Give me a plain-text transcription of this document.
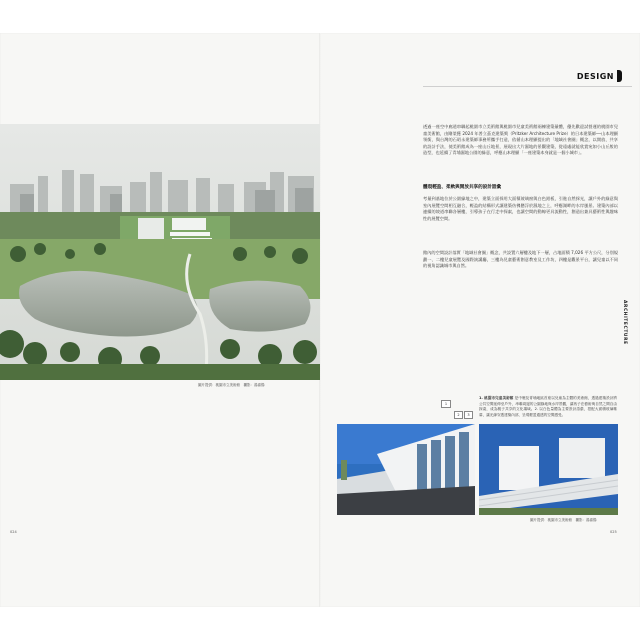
DESIGN
圖片提供：桃園市立美術館　攝影：湯嘉揚
透過一座空中廊道串聯起桃園市立美術館與桃園市兒童美術館兩棟建築量體，優先歡迎試營運的桃園市兒童美術館，由剛榮獲 2024 年普立茲克建築獎（Pritzker Architecture Prize）的日本建築師──山本理顯領銜，與台灣的石昭永建築師事務所攜手打造，依循山本理顯提出的「地域社會圈」概念，以開放、共享的設計手法，使美術館成為一座山丘地景，展現出大片濕地的景觀建築，從遠處就能欣賞宛如小山丘般的造型，也延續了青埔濕地公園的綠意，呼應山本理顯「一座建築本身就是一個小城市」。
體現輕盈、柔軟與開放共享的設計語彙
考量到基地位於公園綠地之中，建築立面採用大面積玻璃窗與白色鋁板，引進自然採光，讓戶外的綠意與室內展覽空間相互融合，輕盈的結構形式讓建築彷彿懸浮於濕地之上，呼應湖畔的水岸風景。建築內部以連續的坡道串聯各層樓，引導孩子在行走中探索，也讓空間的動線更具流動性，創造出兼具藝術性與趣味性的展覽空間。
館內的空間設計落實「地域社會圈」概念，共設置六層樓及地下一層，占地面積 7,026 平方公尺，分別規劃一、二樓兒童展覽及國際演講廳，三樓為兒童藝術創意教室及工作坊，四樓是觀景平台，讓兒童以不同的視角認識城市與自然。
ARCHITECTURE
1
2	3
1. 桃園市兒童美術館 是中壢及青埔地區首座以兒童為主體的美術館，透過建築設計將公共空間延伸至戶外，串聯周邊的公園綠地與水岸景觀，讓孩子在藝術與自然之間自由探索，成為親子共享的文化場域。2. 以白色量體為主要設計語彙，搭配大面積玻璃帷幕，讓光線穿透建築內部，呈現輕盈通透的空間感受。
圖片提供：桃園市立美術館　攝影：湯嘉揚
024	025
